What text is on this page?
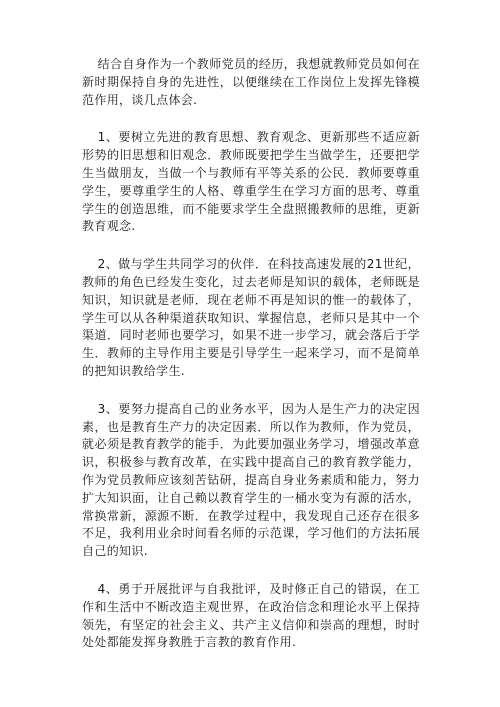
结合自身作为一个教师党员的经历，我想就教师党员如何在新时期保持自身的先进性，以便继续在工作岗位上发挥先锋模范作用，谈几点体会.

1、要树立先进的教育思想、教育观念、更新那些不适应新形势的旧思想和旧观念．教师既要把学生当做学生，还要把学生当做朋友，当做一个与教师有平等关系的公民．教师要尊重学生，要尊重学生的人格、尊重学生在学习方面的思考、尊重学生的创造思维，而不能要求学生全盘照搬教师的思维，更新教育观念.

2、做与学生共同学习的伙伴．在科技高速发展的21世纪，教师的角色已经发生变化，过去老师是知识的载体，老师既是知识，知识就是老师．现在老师不再是知识的惟一的载体了，学生可以从各种渠道获取知识、掌握信息，老师只是其中一个渠道．同时老师也要学习，如果不进一步学习，就会落后于学生．教师的主导作用主要是引导学生一起来学习，而不是简单的把知识教给学生.

3、要努力提高自己的业务水平，因为人是生产力的决定因素，也是教育生产力的决定因素．所以作为教师，作为党员，就必须是教育教学的能手．为此要加强业务学习，增强改革意识，积极参与教育改革，在实践中提高自己的教育教学能力，作为党员教师应该刻苦钻研，提高自身业务素质和能力，努力扩大知识面，让自己赖以教育学生的一桶水变为有源的活水，常换常新，源源不断．在教学过程中，我发现自己还存在很多不足，我利用业余时间看名师的示范课，学习他们的方法拓展自己的知识.

4、勇于开展批评与自我批评，及时修正自己的错误，在工作和生活中不断改造主观世界，在政治信念和理论水平上保持领先，有坚定的社会主义、共产主义信仰和崇高的理想，时时处处都能发挥身教胜于言教的教育作用.
